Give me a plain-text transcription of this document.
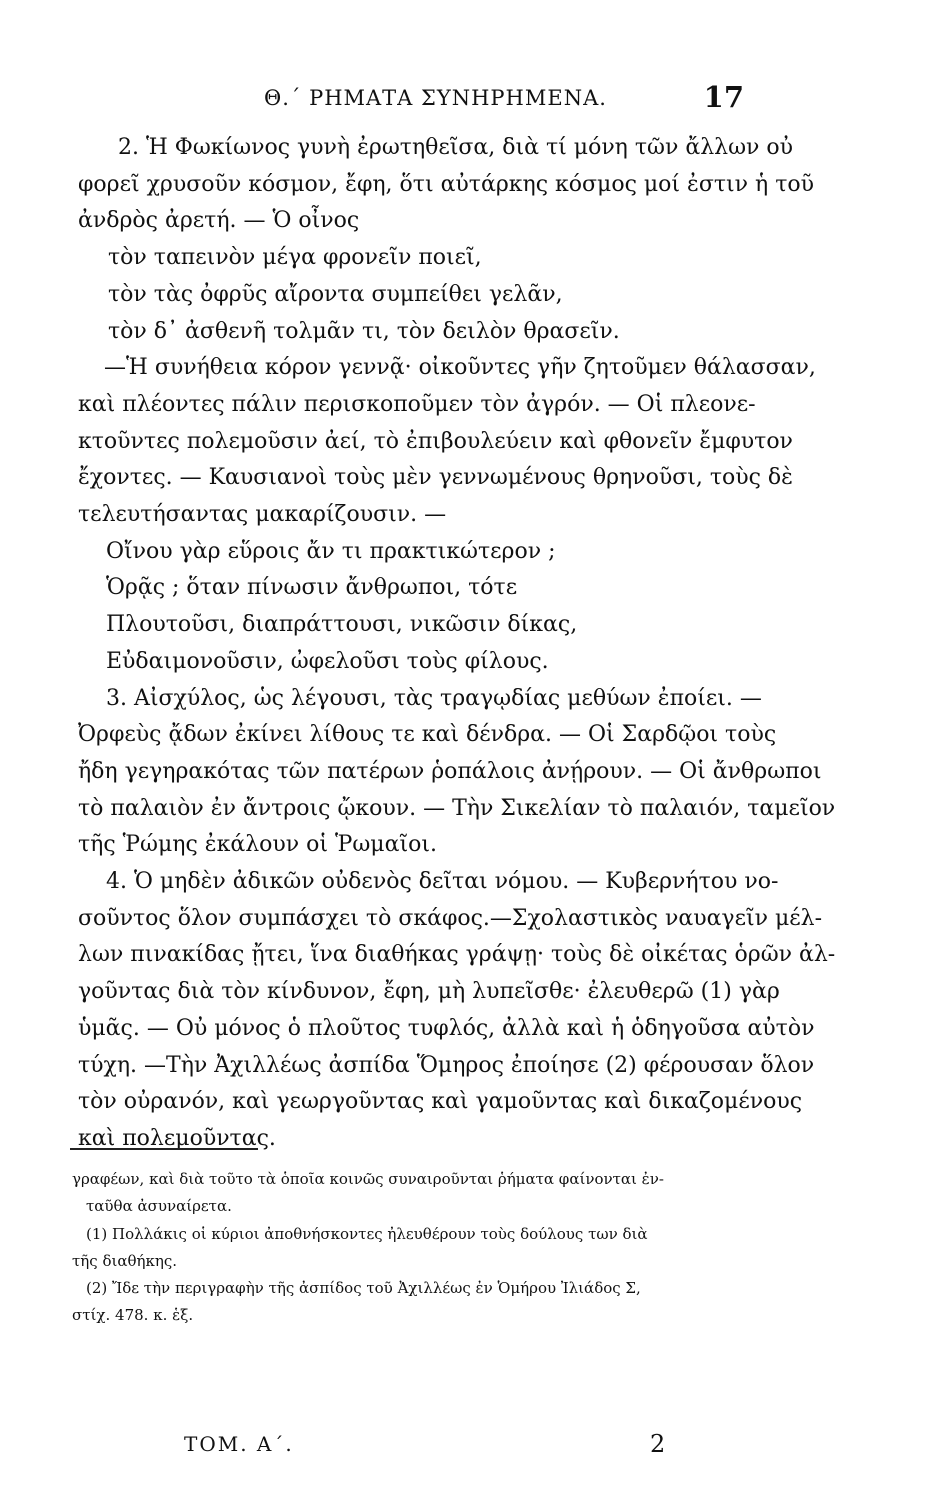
Θ.΄ ΡΗΜΑΤΑ ΣΥΝΗΡΗΜΕΝΑ.	17
2. Ἡ Φωκίωνος γυνὴ ἐρωτηθεῖσα, διὰ τί μόνη τῶν ἄλλων οὐ
φορεῖ χρυσοῦν κόσμον, ἔφη, ὅτι αὐτάρκης κόσμος μοί ἐστιν ἡ τοῦ
ἀνδρὸς ἀρετή. — Ὁ οἶνος
τὸν ταπεινὸν μέγα φρονεῖν ποιεῖ,
τὸν τὰς ὀφρῦς αἴροντα συμπείθει γελᾶν,
τὸν δ᾽ ἀσθενῆ τολμᾶν τι, τὸν δειλὸν θρασεῖν.
—Ἡ συνήθεια κόρον γεννᾷ· οἰκοῦντες γῆν ζητοῦμεν θάλασσαν,
καὶ πλέοντες πάλιν περισκοποῦμεν τὸν ἀγρόν. — Οἱ πλεονε-
κτοῦντες πολεμοῦσιν ἀεί, τὸ ἐπιβουλεύειν καὶ φθονεῖν ἔμφυτον
ἔχοντες. — Καυσιανοὶ τοὺς μὲν γεννωμένους θρηνοῦσι, τοὺς δὲ
τελευτήσαντας μακαρίζουσιν. —
Οἴνου γὰρ εὕροις ἄν τι πρακτικώτερον ;
Ὁρᾷς ; ὅταν πίνωσιν ἄνθρωποι, τότε
Πλουτοῦσι, διαπράττουσι, νικῶσιν δίκας,
Εὐδαιμονοῦσιν, ὠφελοῦσι τοὺς φίλους.
3. Αἰσχύλος, ὡς λέγουσι, τὰς τραγῳδίας μεθύων ἐποίει. —
Ὀρφεὺς ᾄδων ἐκίνει λίθους τε καὶ δένδρα. — Οἱ Σαρδῷοι τοὺς
ἤδη γεγηρακότας τῶν πατέρων ῥοπάλοις ἀνῄρουν. — Οἱ ἄνθρωποι
τὸ παλαιὸν ἐν ἄντροις ᾤκουν. — Τὴν Σικελίαν τὸ παλαιόν, ταμεῖον
τῆς Ῥώμης ἐκάλουν οἱ Ῥωμαῖοι.
4. Ὁ μηδὲν ἀδικῶν οὐδενὸς δεῖται νόμου. — Κυβερνήτου νο-
σοῦντος ὅλον συμπάσχει τὸ σκάφος.—Σχολαστικὸς ναυαγεῖν μέλ-
λων πινακίδας ᾔτει, ἵνα διαθήκας γράψῃ· τοὺς δὲ οἰκέτας ὁρῶν ἀλ-
γοῦντας διὰ τὸν κίνδυνον, ἔφη, μὴ λυπεῖσθε· ἐλευθερῶ (1) γὰρ
ὑμᾶς. — Οὐ μόνος ὁ πλοῦτος τυφλός, ἀλλὰ καὶ ἡ ὁδηγοῦσα αὐτὸν
τύχη. —Τὴν Ἀχιλλέως ἀσπίδα Ὅμηρος ἐποίησε (2) φέρουσαν ὅλον
τὸν οὐρανόν, καὶ γεωργοῦντας καὶ γαμοῦντας καὶ δικαζομένους
καὶ πολεμοῦντας.
γραφέων, καὶ διὰ τοῦτο τὰ ὁποῖα κοινῶς συναιροῦνται ῥήματα φαίνονται ἐν-
ταῦθα ἀσυναίρετα.
(1) Πολλάκις οἱ κύριοι ἀποθνήσκοντες ἠλευθέρουν τοὺς δούλους των διὰ
τῆς διαθήκης.
(2) Ἴδε τὴν περιγραφὴν τῆς ἀσπίδος τοῦ Ἀχιλλέως ἐν Ὁμήρου Ἰλιάδος Σ,
στίχ. 478. κ. ἑξ.
ΤΟΜ. Α΄.	2
